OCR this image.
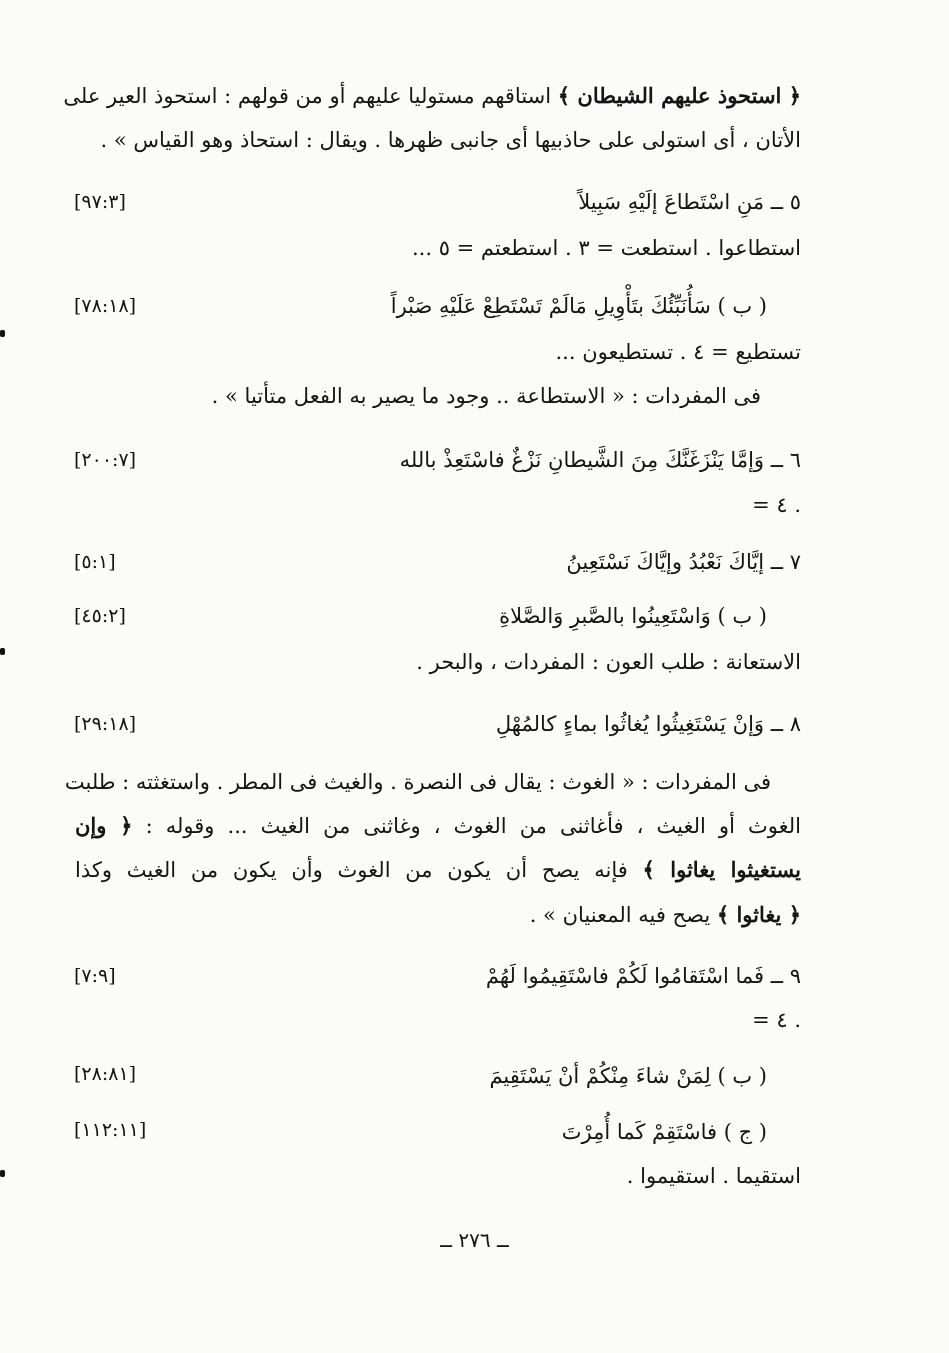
﴿ استحوذ عليهم الشيطان ﴾ استاقهم مستوليا عليهم أو من قولهم : استحوذ العير على
الأتان ، أى استولى على حاذبيها أى جانبى ظهرها . ويقال : استحاذ وهو القياس » .
٥ ــ مَنِ اسْتَطاعَ إلَيْهِ سَبِيلاً
[٩٧:٣]
استطاعوا . استطعت = ٣ . استطعتم = ٥ ...
( ب ) سَأُنَبِّئُكَ بتَأْوِيلِ مَالَمْ تَسْتَطِعْ عَلَيْهِ صَبْراً
[٧٨:١٨]
تستطيع = ٤ . تستطيعون ...
فى المفردات : « الاستطاعة .. وجود ما يصير به الفعل متأتيا » .
٦ ــ وَإمَّا يَنْزَغَنَّكَ مِنَ الشَّيطانِ نَزْغٌ فاسْتَعِذْ بالله
[٢٠٠:٧]
= ٤ .
٧ ــ إيَّاكَ نَعْبُدُ وإيَّاكَ نَسْتَعِينُ
[٥:١]
( ب ) وَاسْتَعِينُوا بالصَّبرِ وَالصَّلاةِ
[٤٥:٢]
الاستعانة : طلب العون : المفردات ، والبحر .
٨ ــ وَإنْ يَسْتَغِيثُوا يُغاثُوا بماءٍ كالمُهْلِ
[٢٩:١٨]
فى المفردات : « الغوث : يقال فى النصرة . والغيث فى المطر . واستغثته : طلبت
الغوث أو الغيث ، فأغاثنى من الغوث ، وغاثنى من الغيث ... وقوله : ﴿ وإن
يستغيثوا يغاثوا ﴾ فإنه يصح أن يكون من الغوث وأن يكون من الغيث وكذا
﴿ يغاثوا ﴾ يصح فيه المعنيان » .
٩ ــ فَما اسْتَقامُوا لَكُمْ فاسْتَقِيمُوا لَهُمْ
[٧:٩]
= ٤ .
( ب ) لِمَنْ شاءَ مِنْكُمْ أنْ يَسْتَقِيمَ
[٢٨:٨١]
( ج ) فاسْتَقِمْ كَما أُمِرْتَ
[١١٢:١١]
استقيما . استقيموا .
ــ ٢٧٦ ــ
